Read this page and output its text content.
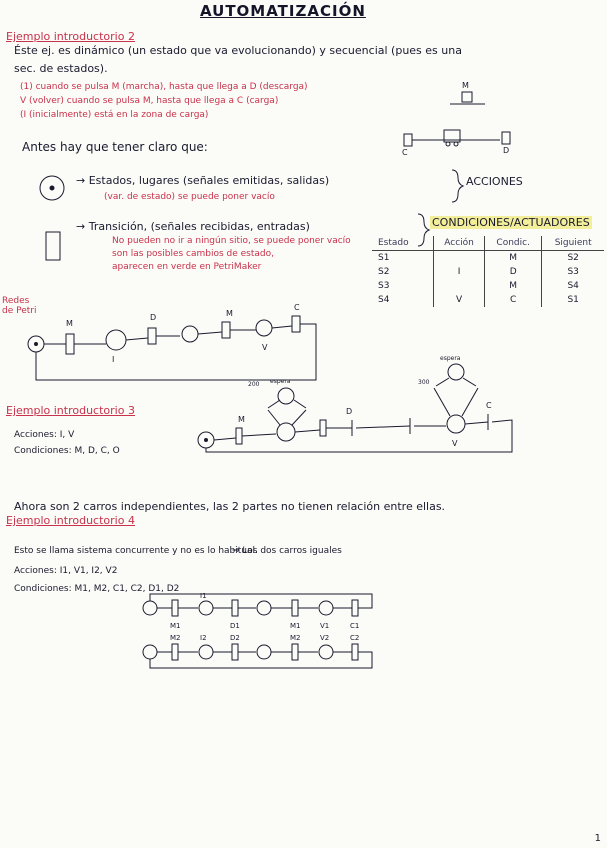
AUTOMATIZACIÓN
Ejemplo introductorio 2
Éste ej. es dinámico (un estado que va evolucionando) y secuencial (pues es una
sec. de estados).
(1) cuando se pulsa M (marcha), hasta que llega a D (descarga)
V (volver) cuando se pulsa M, hasta que llega a C (carga)
(I (inicialmente) está en la zona de carga)
Antes hay que tener claro que:
→ Estados, lugares (señales emitidas, salidas)
(var. de estado) se puede poner vacío
ACCIONES
→ Transición, (señales recibidas, entradas)
No pueden no ir a ningún sitio, se puede poner vacío
son las posibles cambios de estado,
aparecen en verde en PetriMaker
CONDICIONES/ACTUADORES
Redes de Petri
Estado	Acción	Condic.	Siguient
S1		M	S2
S2	I	D	S3
S3		M	S4
S4	V	C	S1
Ejemplo introductorio 3
Acciones: I, V
Condiciones: M, D, C, O
Ejemplo introductorio 4
Ahora son 2 carros independientes, las 2 partes no tienen relación entre ellas.
Esto se llama sistema concurrente y no es lo habitual.
Acciones: I1, V1, I2, V2
⇒ Los dos carros iguales
Condiciones: M1, M2, C1, C2, D1, D2
1
M
C	D
M
D	M
I
V
C
M
D
C
espera
espera
200	300
V
M1
I1
D1	M1	V1	C1
M2	I2	D2	M2	V2	C2
